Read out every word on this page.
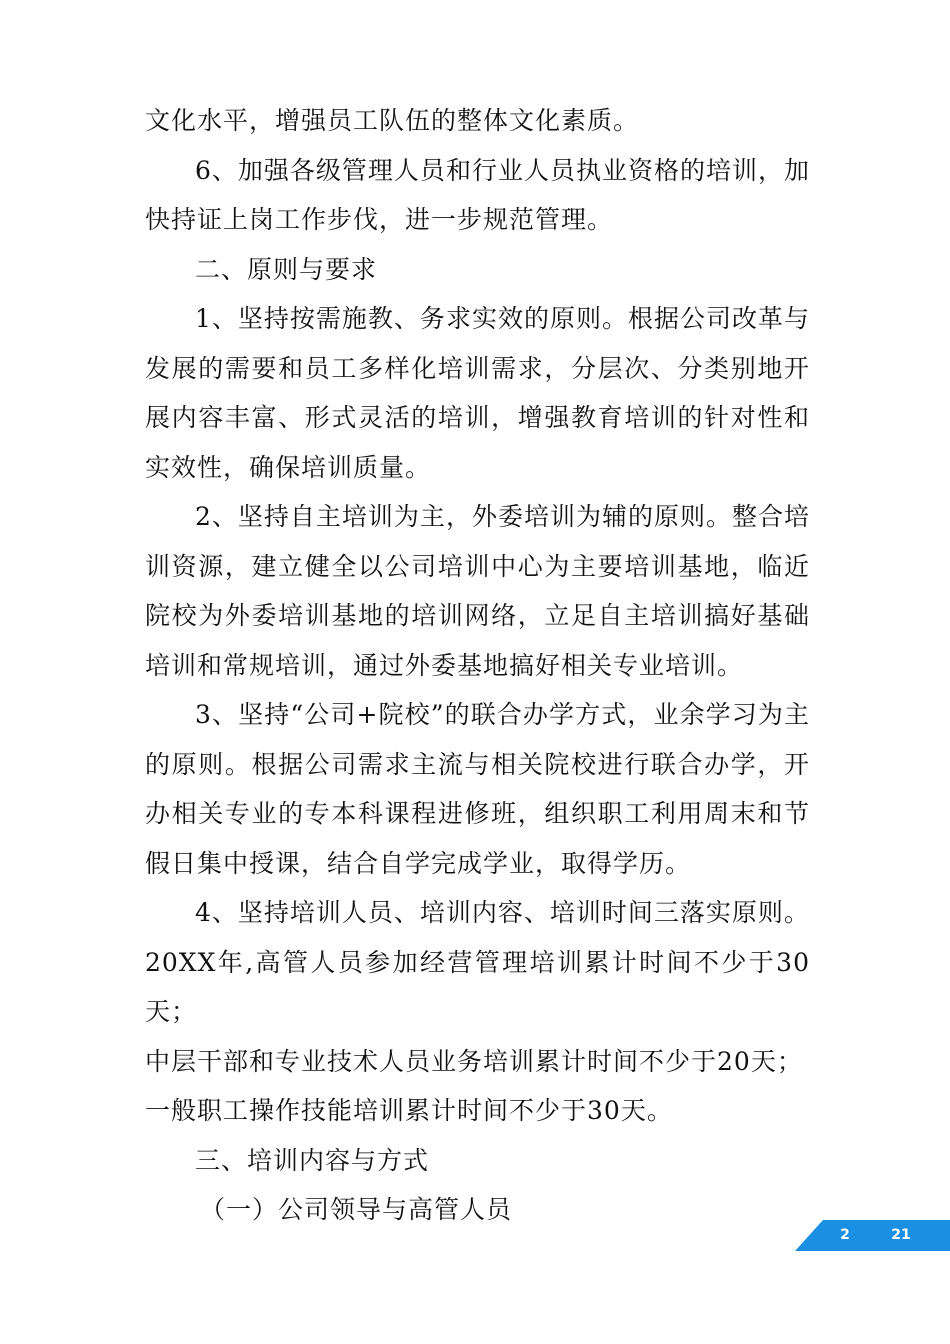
文化水平，增强员工队伍的整体文化素质。

6、加强各级管理人员和行业人员执业资格的培训，加快持证上岗工作步伐，进一步规范管理。

二、原则与要求

1、坚持按需施教、务求实效的原则。根据公司改革与发展的需要和员工多样化培训需求，分层次、分类别地开展内容丰富、形式灵活的培训，增强教育培训的针对性和实效性，确保培训质量。

2、坚持自主培训为主，外委培训为辅的原则。整合培训资源，建立健全以公司培训中心为主要培训基地，临近院校为外委培训基地的培训网络，立足自主培训搞好基础培训和常规培训，通过外委基地搞好相关专业培训。

3、坚持“公司+院校”的联合办学方式，业余学习为主的原则。根据公司需求主流与相关院校进行联合办学，开办相关专业的专本科课程进修班，组织职工利用周末和节假日集中授课，结合自学完成学业，取得学历。

4、坚持培训人员、培训内容、培训时间三落实原则。

20XX年,高管人员参加经营管理培训累计时间不少于30天；

中层干部和专业技术人员业务培训累计时间不少于20天；

一般职工操作技能培训累计时间不少于30天。

三、培训内容与方式

（一）公司领导与高管人员

2	21
